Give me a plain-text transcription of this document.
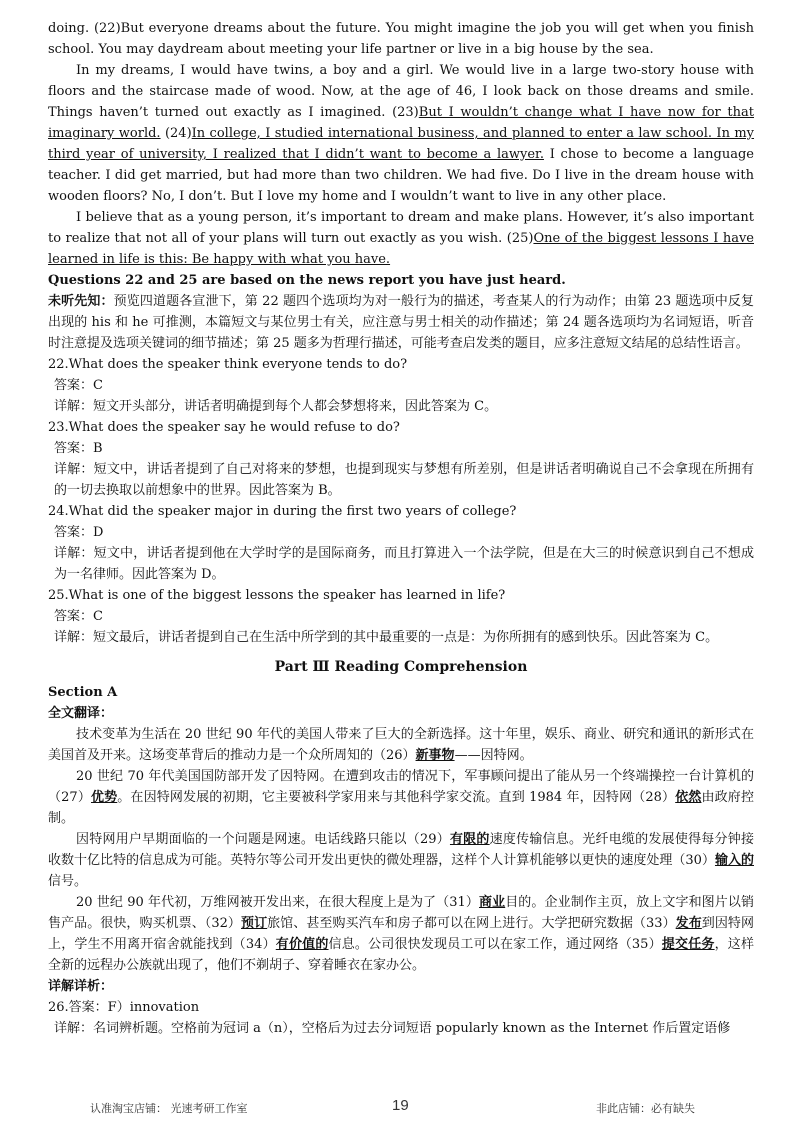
doing. (22)But everyone dreams about the future. You might imagine the job you will get when you finish school. You may daydream about meeting your life partner or live in a big house by the sea.

In my dreams, I would have twins, a boy and a girl. We would live in a large two-story house with floors and the staircase made of wood. Now, at the age of 46, I look back on those dreams and smile. Things haven’t turned out exactly as I imagined. (23)But I wouldn’t change what I have now for that imaginary world. (24)In college, I studied international business, and planned to enter a law school. In my third year of university, I realized that I didn’t want to become a lawyer. I chose to become a language teacher. I did get married, but had more than two children. We had five. Do I live in the dream house with wooden floors? No, I don’t. But I love my home and I wouldn’t want to live in any other place.

I believe that as a young person, it’s important to dream and make plans. However, it’s also important to realize that not all of your plans will turn out exactly as you wish. (25)One of the biggest lessons I have learned in life is this: Be happy with what you have.

Questions 22 and 25 are based on the news report you have just heard.

未听先知：预览四道题各宣泄下，第 22 题四个选项均为对一般行为的描述，考查某人的行为动作；由第 23 题选项中反复出现的 his 和 he 可推测，本篇短文与某位男士有关，应注意与男士相关的动作描述；第 24 题各选项均为名词短语，听音时注意提及选项关键词的细节描述；第 25 题多为哲理行描述，可能考查启发类的题目，应多注意短文结尾的总结性语言。

22.What does the speaker think everyone tends to do?

答案：C

详解：短文开头部分，讲话者明确提到每个人都会梦想将来，因此答案为 C。

23.What does the speaker say he would refuse to do?

答案：B

详解：短文中，讲话者提到了自己对将来的梦想，也提到现实与梦想有所差别，但是讲话者明确说自己不会拿现在所拥有的一切去换取以前想象中的世界。因此答案为 B。

24.What did the speaker major in during the first two years of college?

答案：D

详解：短文中，讲话者提到他在大学时学的是国际商务，而且打算进入一个法学院，但是在大三的时候意识到自己不想成为一名律师。因此答案为 D。

25.What is one of the biggest lessons the speaker has learned in life?

答案：C

详解：短文最后，讲话者提到自己在生活中所学到的其中最重要的一点是：为你所拥有的感到快乐。因此答案为 C。

Part Ⅲ Reading Comprehension

Section A

全文翻译：

技术变革为生活在 20 世纪 90 年代的美国人带来了巨大的全新选择。这十年里，娱乐、商业、研究和通讯的新形式在美国首及开来。这场变革背后的推动力是一个众所周知的（26）新事物——因特网。

20 世纪 70 年代美国国防部开发了因特网。在遭到攻击的情况下，军事顾问提出了能从另一个终端操控一台计算机的（27）优势。在因特网发展的初期，它主要被科学家用来与其他科学家交流。直到 1984 年，因特网（28）依然由政府控制。

因特网用户早期面临的一个问题是网速。电话线路只能以（29）有限的速度传输信息。光纤电缆的发展使得每分钟接收数十亿比特的信息成为可能。英特尔等公司开发出更快的微处理器，这样个人计算机能够以更快的速度处理（30）输入的信号。

20 世纪 90 年代初，万维网被开发出来，在很大程度上是为了（31）商业目的。企业制作主页，放上文字和图片以销售产品。很快，购买机票、（32）预订旅馆、甚至购买汽车和房子都可以在网上进行。大学把研究数据（33）发布到因特网上，学生不用离开宿舍就能找到（34）有价值的信息。公司很快发现员工可以在家工作，通过网络（35）提交任务，这样全新的远程办公族就出现了，他们不剃胡子、穿着睡衣在家办公。

详解详析：

26.答案：F）innovation

详解：名词辨析题。空格前为冠词 a（n），空格后为过去分词短语 popularly known as the Internet 作后置定语修

认准淘宝店铺： 光速考研工作室	19	非此店铺：必有缺失
